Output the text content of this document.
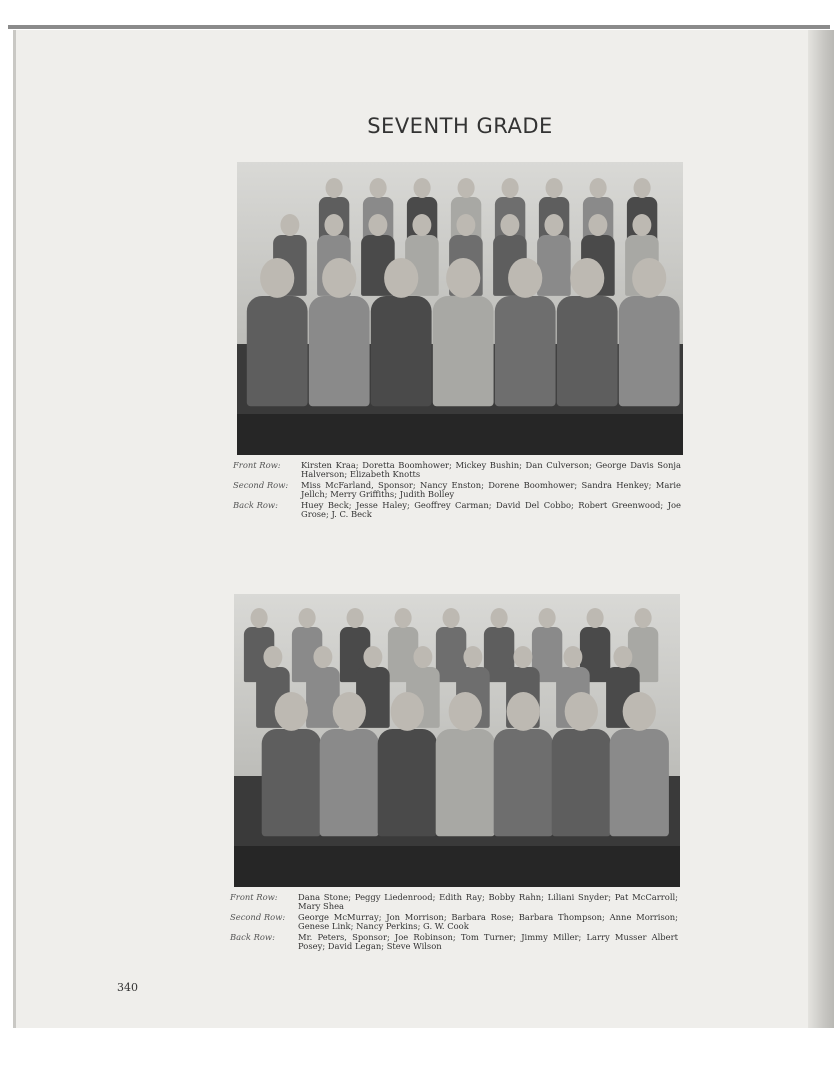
SEVENTH GRADE
Front Row:	Kirsten Kraa; Doretta Boomhower; Mickey Bushin; Dan Culverson; George Davis Sonja Halverson; Elizabeth Knotts
Second Row:	Miss McFarland, Sponsor; Nancy Enston; Dorene Boomhower; Sandra Henkey; Marie Jellch; Merry Griffiths; Judith Bolley
Back Row:	Huey Beck; Jesse Haley; Geoffrey Carman; David Del Cobbo; Robert Greenwood; Joe Grose; J. C. Beck
Front Row:	Dana Stone; Peggy Liedenrood; Edith Ray; Bobby Rahn; Liliani Snyder; Pat McCarroll; Mary Shea
Second Row:	George McMurray; Jon Morrison; Barbara Rose; Barbara Thompson; Anne Morrison; Genese Link; Nancy Perkins; G. W. Cook
Back Row:	Mr. Peters, Sponsor; Joe Robinson; Tom Turner; Jimmy Miller; Larry Musser Albert Posey; David Legan; Steve Wilson
340
